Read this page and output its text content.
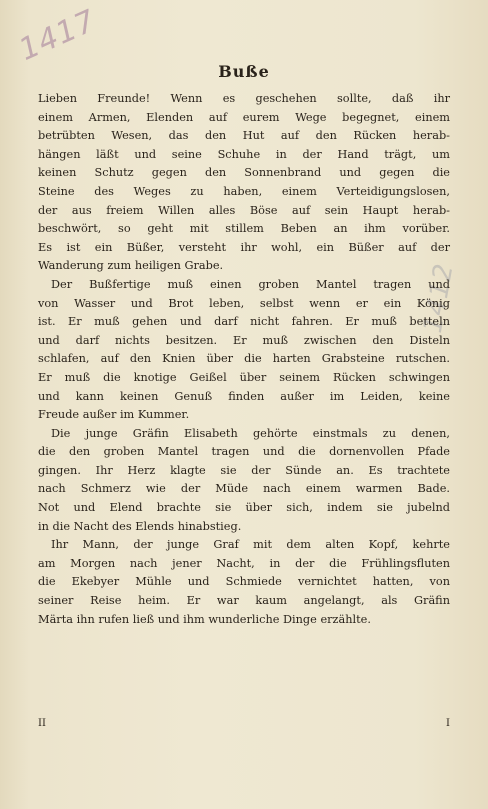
1417
1412
Buße

Lieben Freunde! Wenn es geschehen sollte, daß ihr
einem Armen, Elenden auf eurem Wege begegnet, einem
betrübten Wesen, das den Hut auf den Rücken herab-
hängen läßt und seine Schuhe in der Hand trägt, um
keinen Schutz gegen den Sonnenbrand und gegen die
Steine des Weges zu haben, einem Verteidigungslosen,
der aus freiem Willen alles Böse auf sein Haupt herab-
beschwört, so geht mit stillem Beben an ihm vorüber.
Es ist ein Büßer, versteht ihr wohl, ein Büßer auf der
Wanderung zum heiligen Grabe.

Der Bußfertige muß einen groben Mantel tragen und
von Wasser und Brot leben, selbst wenn er ein König
ist. Er muß gehen und darf nicht fahren. Er muß betteln
und darf nichts besitzen. Er muß zwischen den Disteln
schlafen, auf den Knien über die harten Grabsteine rutschen.
Er muß die knotige Geißel über seinem Rücken schwingen
und kann keinen Genuß finden außer im Leiden, keine
Freude außer im Kummer.

Die junge Gräfin Elisabeth gehörte einstmals zu denen,
die den groben Mantel tragen und die dornenvollen Pfade
gingen. Ihr Herz klagte sie der Sünde an. Es trachtete
nach Schmerz wie der Müde nach einem warmen Bade.
Not und Elend brachte sie über sich, indem sie jubelnd
in die Nacht des Elends hinabstieg.

Ihr Mann, der junge Graf mit dem alten Kopf, kehrte
am Morgen nach jener Nacht, in der die Frühlingsfluten
die Ekebyer Mühle und Schmiede vernichtet hatten, von
seiner Reise heim. Er war kaum angelangt, als Gräfin
Märta ihn rufen ließ und ihm wunderliche Dinge erzählte.

II	I
